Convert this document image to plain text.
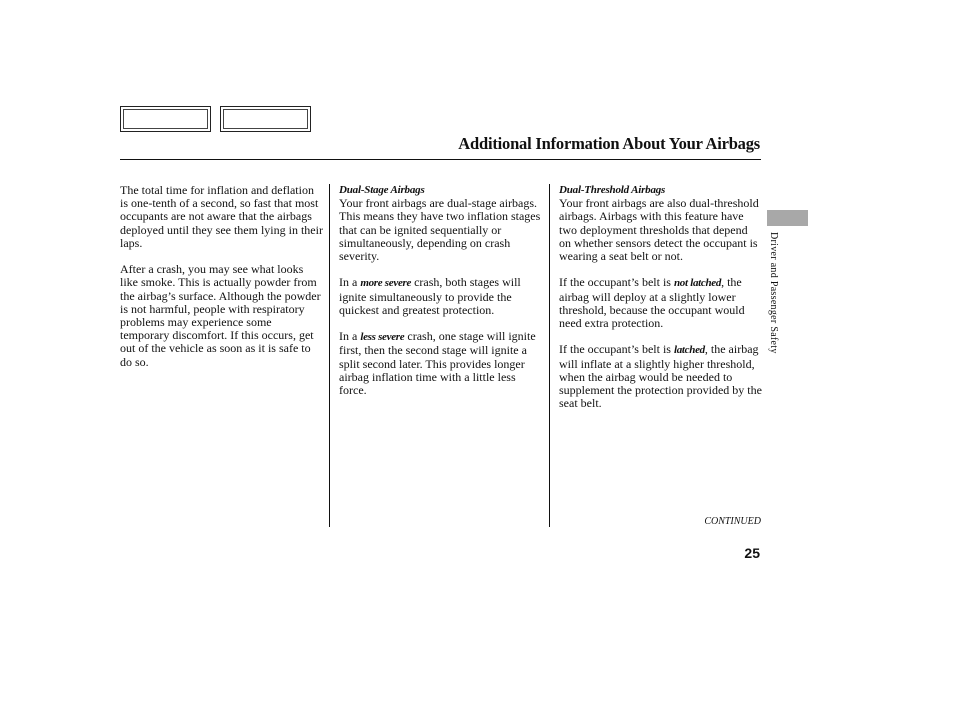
Additional Information About Your Airbags

The total time for inflation and deflation is one-tenth of a second, so fast that most occupants are not aware that the airbags deployed until they see them lying in their laps.

After a crash, you may see what looks like smoke. This is actually powder from the airbag’s surface. Although the powder is not harmful, people with respiratory problems may experience some temporary discomfort. If this occurs, get out of the vehicle as soon as it is safe to do so.

Dual-Stage Airbags
Your front airbags are dual-stage airbags. This means they have two inflation stages that can be ignited sequentially or simultaneously, depending on crash severity.

In a more severe crash, both stages will ignite simultaneously to provide the quickest and greatest protection.

In a less severe crash, one stage will ignite first, then the second stage will ignite a split second later. This provides longer airbag inflation time with a little less force.

Dual-Threshold Airbags
Your front airbags are also dual-threshold airbags. Airbags with this feature have two deployment thresholds that depend on whether sensors detect the occupant is wearing a seat belt or not.

If the occupant’s belt is not latched, the airbag will deploy at a slightly lower threshold, because the occupant would need extra protection.

If the occupant’s belt is latched, the airbag will inflate at a slightly higher threshold, when the airbag would be needed to supplement the protection provided by the seat belt.

Driver and Passenger Safety
CONTINUED
25
